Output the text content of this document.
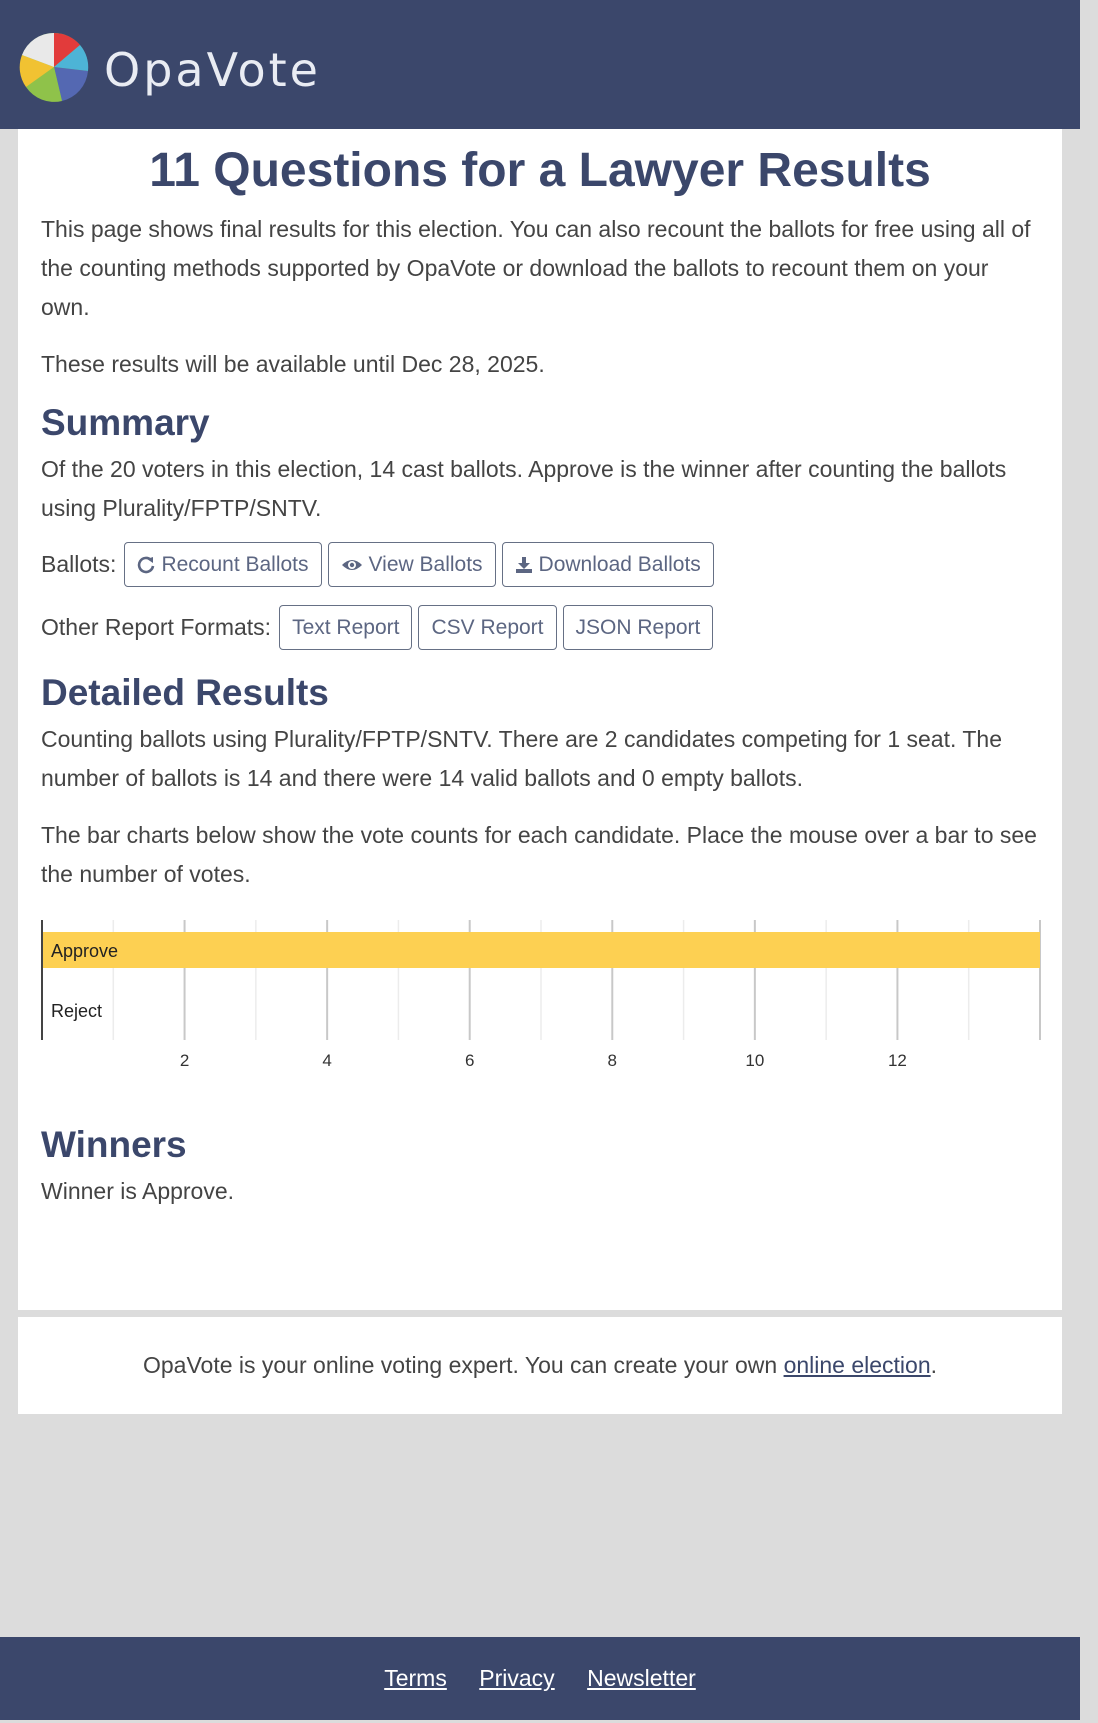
OpaVote
11 Questions for a Lawyer Results

This page shows final results for this election. You can also recount the ballots for free using all of the counting methods supported by OpaVote or download the ballots to recount them on your own.

These results will be available until Dec 28, 2025.

Summary

Of the 20 voters in this election, 14 cast ballots. Approve is the winner after counting the ballots using Plurality/FPTP/SNTV.

Ballots: Recount Ballots	View Ballots	Download Ballots
Other Report Formats:	Text Report	CSV Report	JSON Report
Detailed Results

Counting ballots using Plurality/FPTP/SNTV. There are 2 candidates competing for 1 seat. The number of ballots is 14 and there were 14 valid ballots and 0 empty ballots.

The bar charts below show the vote counts for each candidate. Place the mouse over a bar to see the number of votes.

Approve
Reject
2	4	6	8	10	12
Winners

Winner is Approve.

OpaVote is your online voting expert. You can create your own online election.
Terms Privacy Newsletter
